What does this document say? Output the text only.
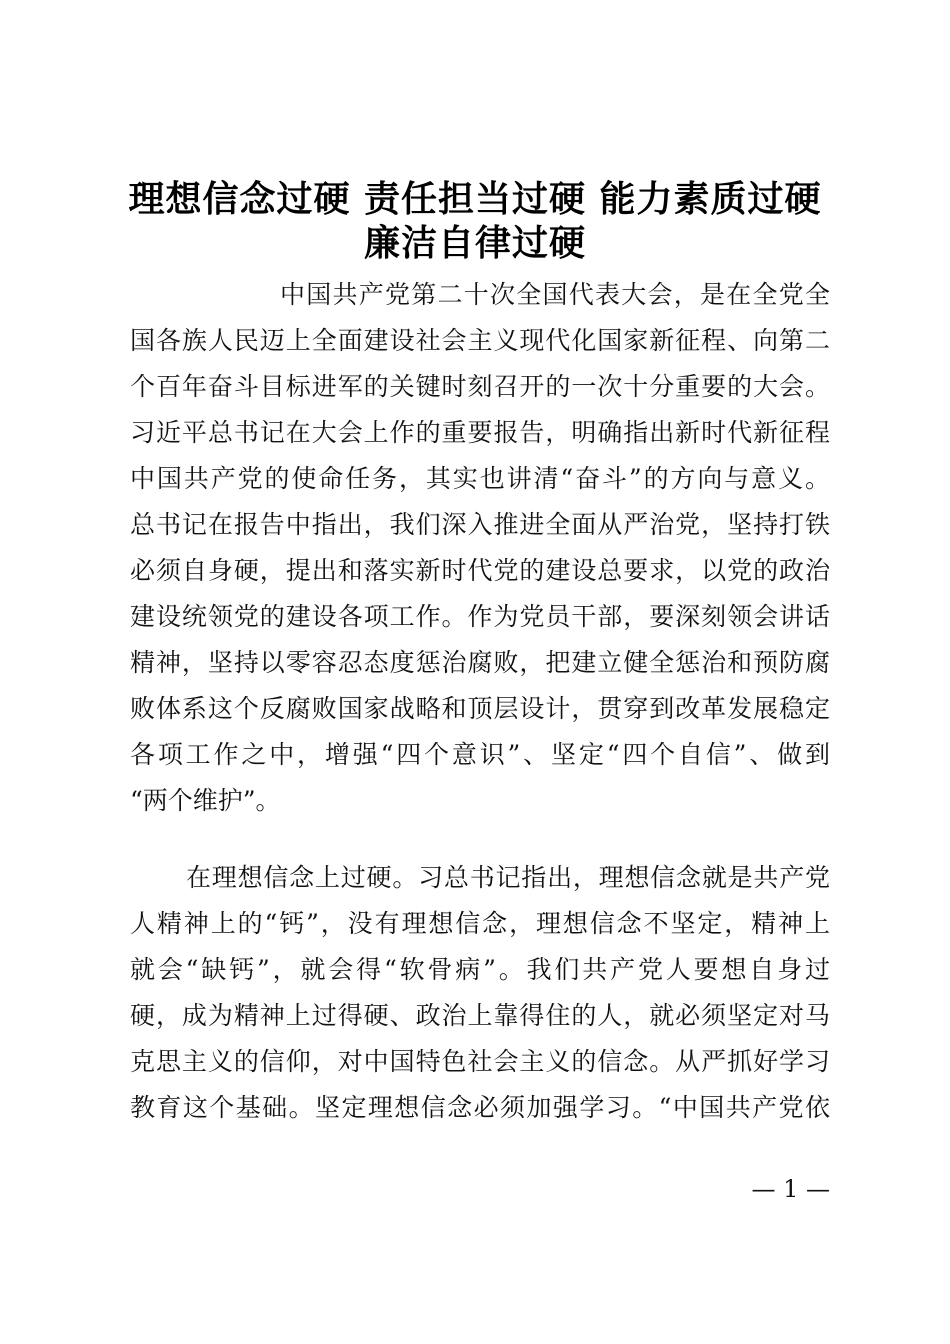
理想信念过硬 责任担当过硬 能力素质过硬
廉洁自律过硬
中国共产党第二十次全国代表大会，是在全党全
国各族人民迈上全面建设社会主义现代化国家新征程、向第二
个百年奋斗目标进军的关键时刻召开的一次十分重要的大会。
习近平总书记在大会上作的重要报告，明确指出新时代新征程
中国共产党的使命任务，其实也讲清“奋斗”的方向与意义。
总书记在报告中指出，我们深入推进全面从严治党，坚持打铁
必须自身硬，提出和落实新时代党的建设总要求，以党的政治
建设统领党的建设各项工作。作为党员干部，要深刻领会讲话
精神，坚持以零容忍态度惩治腐败，把建立健全惩治和预防腐
败体系这个反腐败国家战略和顶层设计，贯穿到改革发展稳定
各项工作之中，增强“四个意识”、坚定“四个自信”、做到
“两个维护”。
在理想信念上过硬。习总书记指出，理想信念就是共产党
人精神上的“钙”，没有理想信念，理想信念不坚定，精神上
就会“缺钙”，就会得“软骨病”。我们共产党人要想自身过
硬，成为精神上过得硬、政治上靠得住的人，就必须坚定对马
克思主义的信仰，对中国特色社会主义的信念。从严抓好学习
教育这个基础。坚定理想信念必须加强学习。“中国共产党依
— 1 —
